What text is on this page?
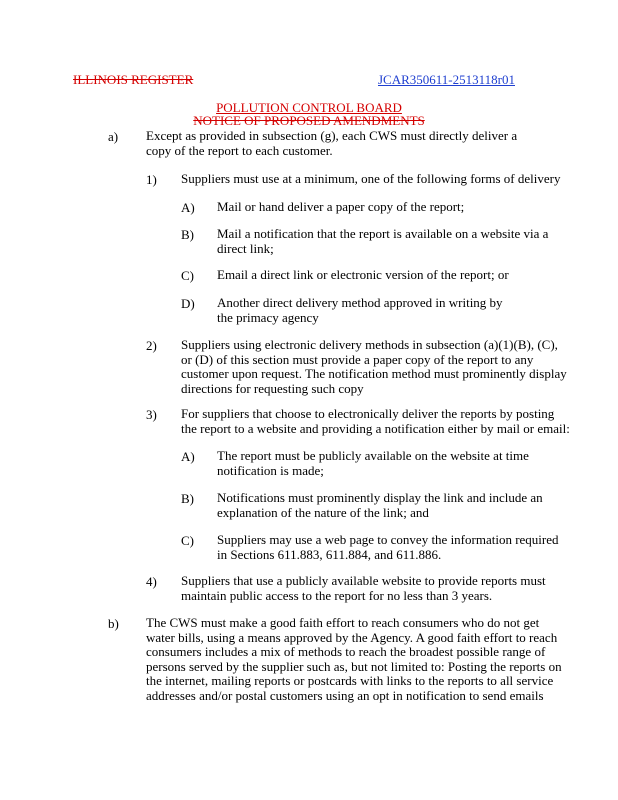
ILLINOIS REGISTER	JCAR350611-2513118r01
POLLUTION CONTROL BOARD
NOTICE OF PROPOSED AMENDMENTS
a) Except as provided in subsection (g), each CWS must directly deliver a copy of the report to each customer.
1) Suppliers must use at a minimum, one of the following forms of delivery
A) Mail or hand deliver a paper copy of the report;
B) Mail a notification that the report is available on a website via a direct link;
C) Email a direct link or electronic version of the report; or
D) Another direct delivery method approved in writing by the primacy agency
2) Suppliers using electronic delivery methods in subsection (a)(1)(B), (C), or (D) of this section must provide a paper copy of the report to any customer upon request. The notification method must prominently display directions for requesting such copy
3) For suppliers that choose to electronically deliver the reports by posting the report to a website and providing a notification either by mail or email:
A) The report must be publicly available on the website at time notification is made;
B) Notifications must prominently display the link and include an explanation of the nature of the link; and
C) Suppliers may use a web page to convey the information required in Sections 611.883, 611.884, and 611.886.
4) Suppliers that use a publicly available website to provide reports must maintain public access to the report for no less than 3 years.
b) The CWS must make a good faith effort to reach consumers who do not get water bills, using a means approved by the Agency. A good faith effort to reach consumers includes a mix of methods to reach the broadest possible range of persons served by the supplier such as, but not limited to: Posting the reports on the internet, mailing reports or postcards with links to the reports to all service addresses and/or postal customers using an opt in notification to send emails
